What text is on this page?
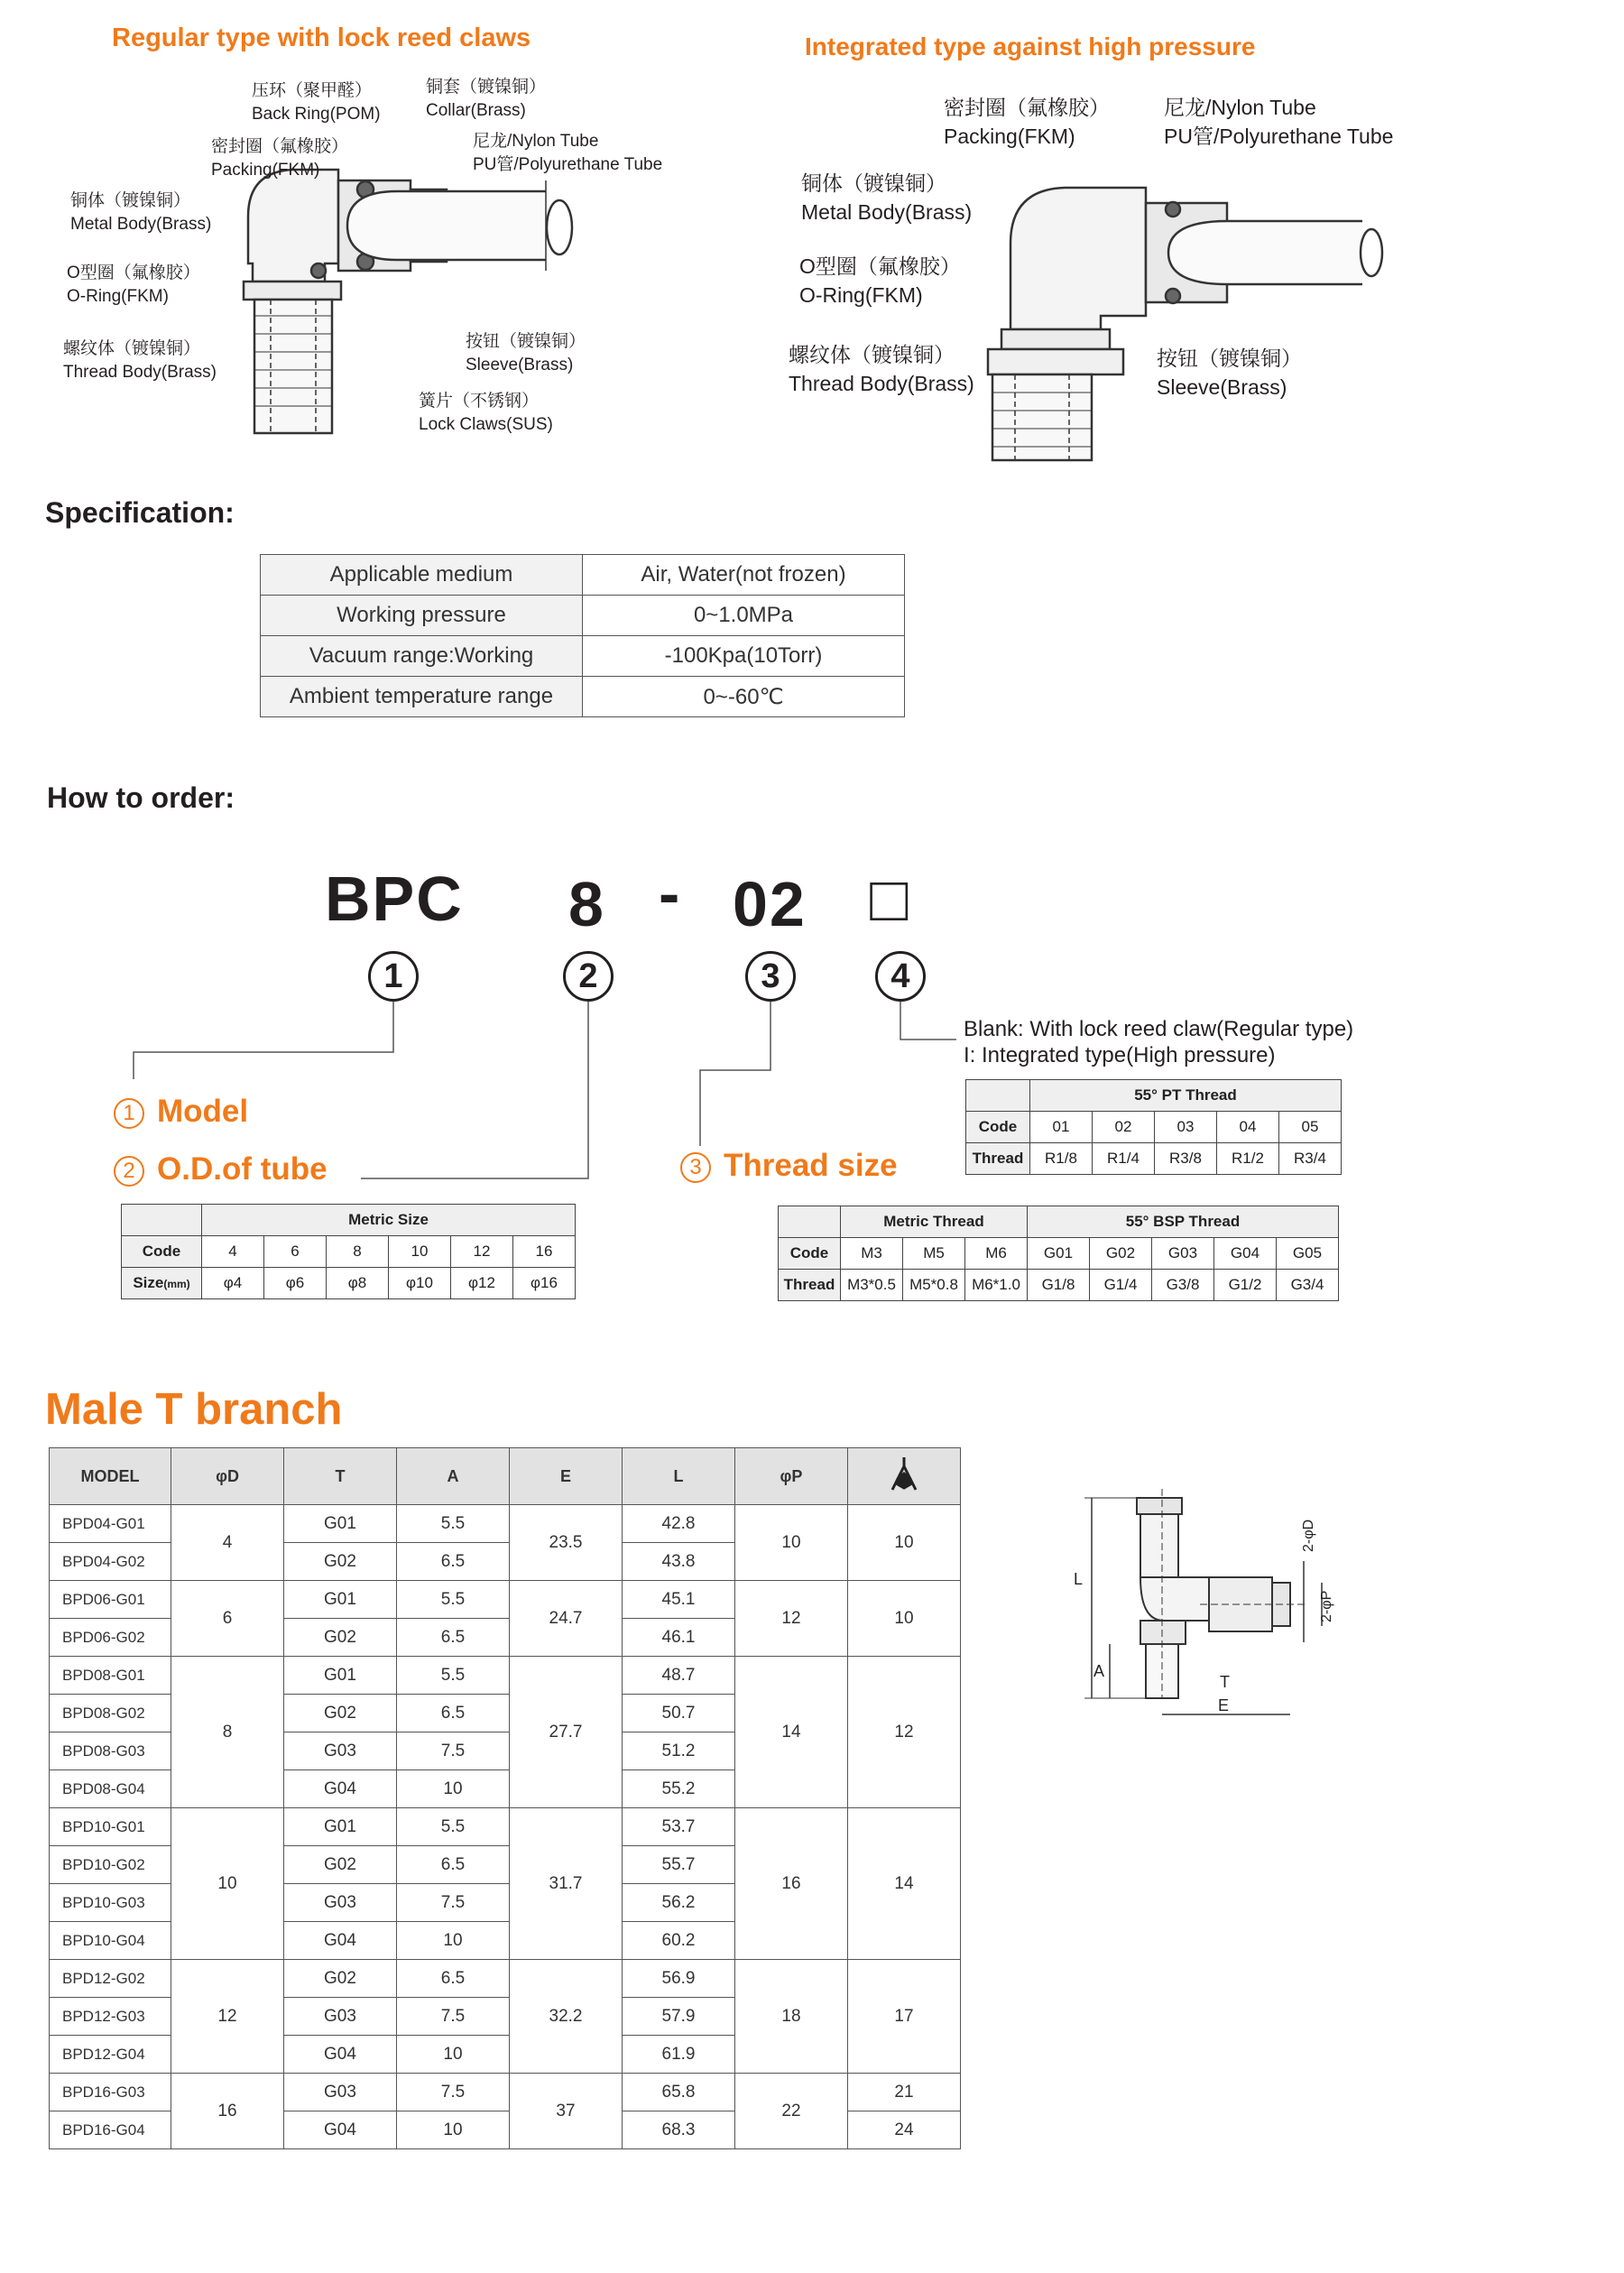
Regular type with lock reed claws
压环（聚甲醛）
Back Ring(POM)
铜套（镀镍铜）
Collar(Brass)
密封圈（氟橡胶）
Packing(FKM)
尼龙/Nylon Tube
PU管/Polyurethane Tube
铜体（镀镍铜）
Metal Body(Brass)
O型圈（氟橡胶）
O-Ring(FKM)
螺纹体（镀镍铜）
Thread Body(Brass)
按钮（镀镍铜）
Sleeve(Brass)
簧片（不锈钢）
Lock Claws(SUS)
Integrated type against high pressure
密封圈（氟橡胶）
Packing(FKM)
尼龙/Nylon Tube
PU管/Polyurethane Tube
铜体（镀镍铜）
Metal Body(Brass)
O型圈（氟橡胶）
O-Ring(FKM)
螺纹体（镀镍铜）
Thread Body(Brass)
按钮（镀镍铜）
Sleeve(Brass)
Specification:
Applicable medium	Air, Water(not frozen)
Working pressure	0~1.0MPa
Vacuum range:Working	-100Kpa(10Torr)
Ambient temperature range	0~-60℃
How to order:
BPC 8 - 02 □
1	2	3	4
Blank: With lock reed claw(Regular type)
I: Integrated type(High pressure)
1 Model
2 O.D.of tube	3 Thread size
	55° PT Thread				
Code	01	02	03	04	05
Thread	R1/8	R1/4	R3/8	R1/2	R3/4
	Metric Size					
Code	4	6	8	10	12	16
Size(mm)	φ4	φ6	φ8	φ10	φ12	φ16
	Metric Thread			55° BSP Thread				
Code	M3	M5	M6	G01	G02	G03	G04	G05
Thread	M3*0.5	M5*0.8	M6*1.0	G1/8	G1/4	G3/8	G1/2	G3/4
Male T branch
MODEL	φD	T	A	E	L	φP	
BPD04-G01	4	G01	5.5	23.5	42.8	10	10
BPD04-G02		G02	6.5		43.8		
BPD06-G01	6	G01	5.5	24.7	45.1	12	10
BPD06-G02		G02	6.5		46.1		
BPD08-G01	8	G01	5.5	27.7	48.7	14	12
BPD08-G02		G02	6.5		50.7		
BPD08-G03		G03	7.5		51.2		
BPD08-G04		G04	10		55.2		
BPD10-G01	10	G01	5.5	31.7	53.7	16	14
BPD10-G02		G02	6.5		55.7		
BPD10-G03		G03	7.5		56.2		
BPD10-G04		G04	10		60.2		
BPD12-G02	12	G02	6.5	32.2	56.9	18	17
BPD12-G03		G03	7.5		57.9		
BPD12-G04		G04	10		61.9		
BPD16-G03	16	G03	7.5	37	65.8	22	21
BPD16-G04		G04	10		68.3		24
L
A
T
E
2-φD
2-φP
